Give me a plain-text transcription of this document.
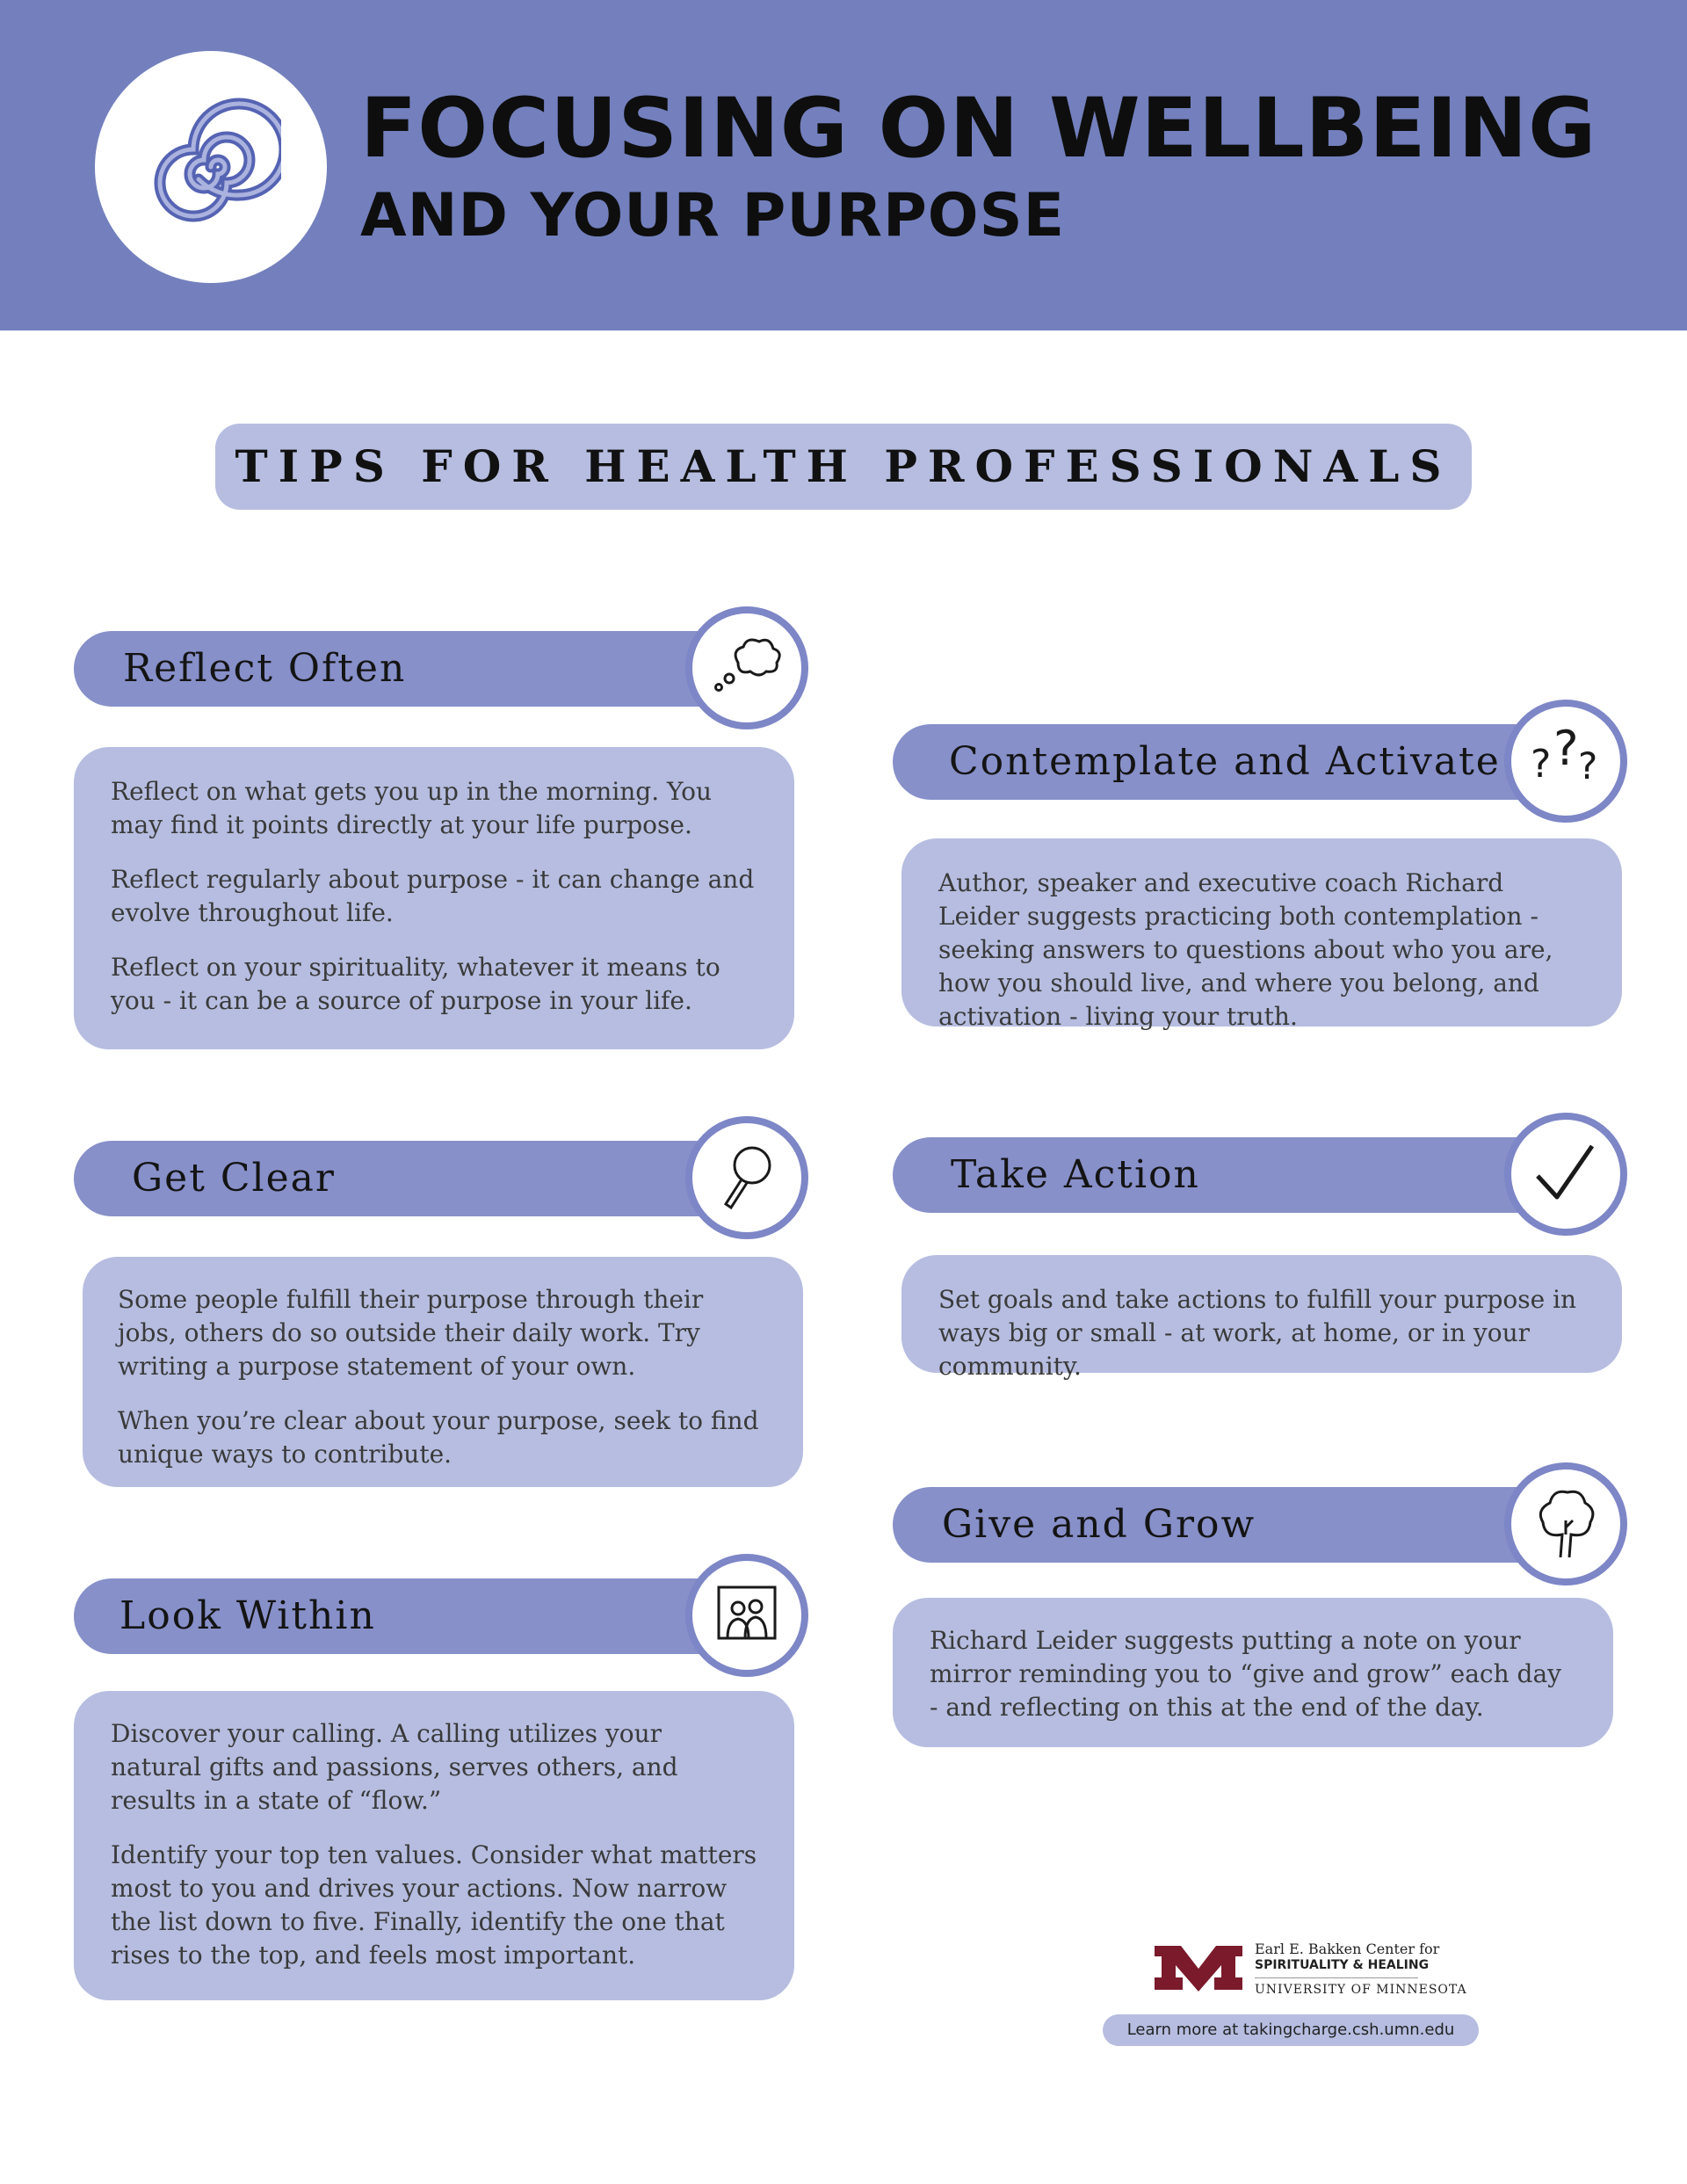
FOCUSING ON WELLBEING
AND YOUR PURPOSE
TIPS FOR HEALTH PROFESSIONALS
Reflect Often

Reflect on what gets you up in the morning. You may find it points directly at your life purpose.

Reflect regularly about purpose - it can change and evolve throughout life.

Reflect on your spirituality, whatever it means to you - it can be a source of purpose in your life.

Contemplate and Activate ? ? ?

Author, speaker and executive coach Richard Leider suggests practicing both contemplation - seeking answers to questions about who you are, how you should live, and where you belong, and activation - living your truth.

Get Clear

Some people fulfill their purpose through their jobs, others do so outside their daily work. Try writing a purpose statement of your own.

When you’re clear about your purpose, seek to find unique ways to contribute.

Take Action

Set goals and take actions to fulfill your purpose in ways big or small - at work, at home, or in your community.

Look Within

Discover your calling. A calling utilizes your natural gifts and passions, serves others, and results in a state of “flow.”

Identify your top ten values. Consider what matters most to you and drives your actions. Now narrow the list down to five. Finally, identify the one that rises to the top, and feels most important.

Give and Grow

Richard Leider suggests putting a note on your mirror reminding you to “give and grow” each day - and reflecting on this at the end of the day.

Earl E. Bakken Center for
SPIRITUALITY & HEALING
UNIVERSITY OF MINNESOTA
Learn more at takingcharge.csh.umn.edu
